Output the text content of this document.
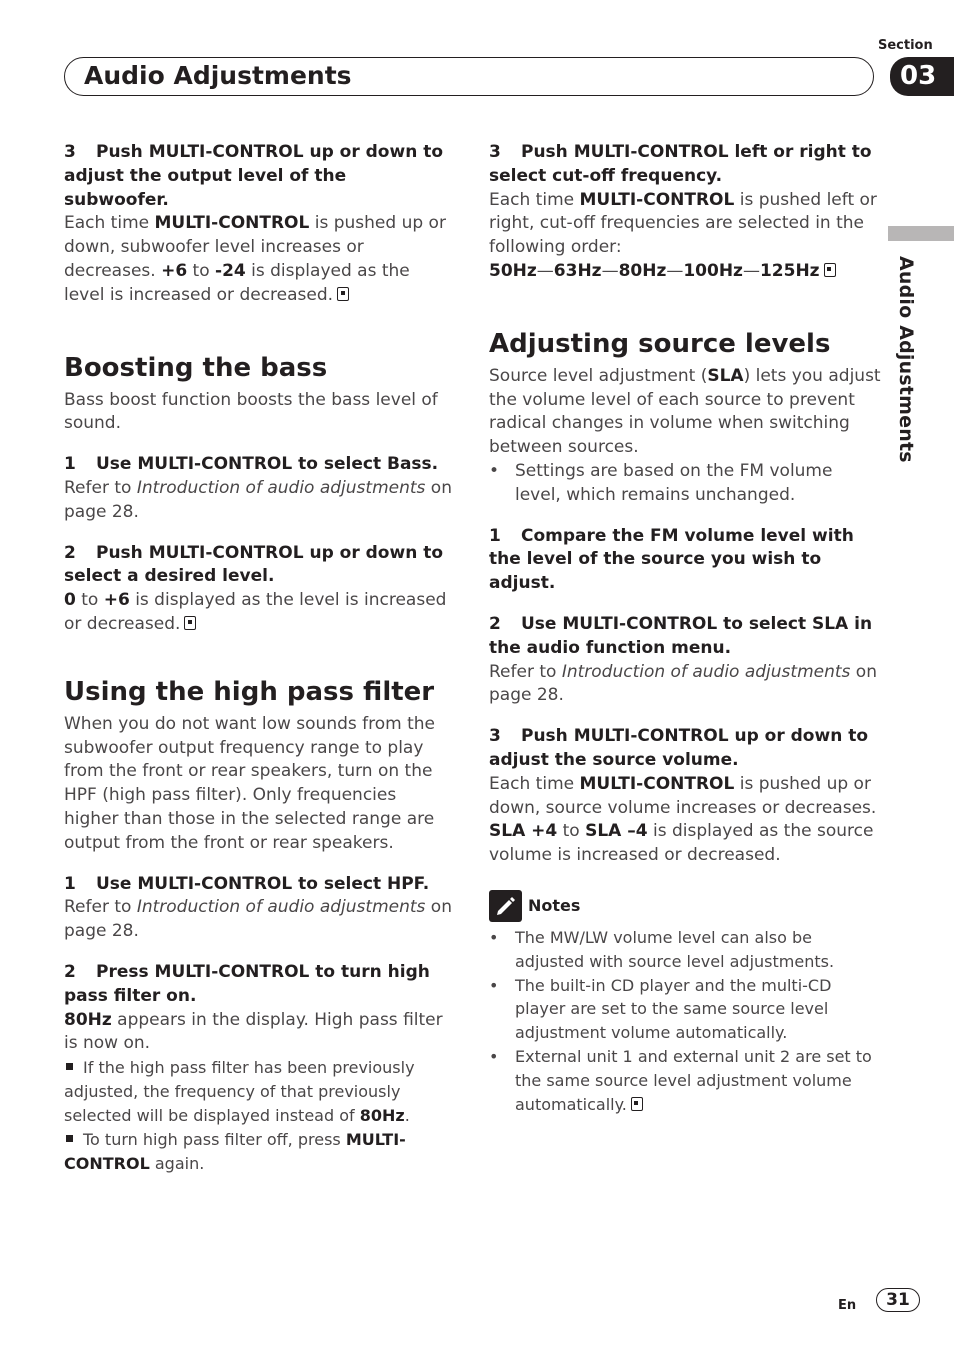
Section
03
Audio Adjustments
Audio Adjustments

3 Push MULTI-CONTROL up or down to adjust the output level of the subwoofer.

Each time MULTI-CONTROL is pushed up or down, subwoofer level increases or decreases. +6 to -24 is displayed as the level is increased or decreased.

Boosting the bass

Bass boost function boosts the bass level of sound.

1 Use MULTI-CONTROL to select Bass.

Refer to Introduction of audio adjustments on page 28.

2 Push MULTI-CONTROL up or down to select a desired level.

0 to +6 is displayed as the level is increased or decreased.

Using the high pass filter

When you do not want low sounds from the subwoofer output frequency range to play from the front or rear speakers, turn on the HPF (high pass filter). Only frequencies higher than those in the selected range are output from the front or rear speakers.

1 Use MULTI-CONTROL to select HPF.

Refer to Introduction of audio adjustments on page 28.

2 Press MULTI-CONTROL to turn high pass filter on.

80Hz appears in the display. High pass filter is now on.

If the high pass filter has been previously adjusted, the frequency of that previously selected will be displayed instead of 80Hz.

To turn high pass filter off, press MULTI-CONTROL again.

3 Push MULTI-CONTROL left or right to select cut-off frequency.

Each time MULTI-CONTROL is pushed left or right, cut-off frequencies are selected in the following order:

50Hz—63Hz—80Hz—100Hz—125Hz

Adjusting source levels

Source level adjustment (SLA) lets you adjust the volume level of each source to prevent radical changes in volume when switching between sources.

• Settings are based on the FM volume level, which remains unchanged.

1 Compare the FM volume level with the level of the source you wish to adjust.

2 Use MULTI-CONTROL to select SLA in the audio function menu.

Refer to Introduction of audio adjustments on page 28.

3 Push MULTI-CONTROL up or down to adjust the source volume.

Each time MULTI-CONTROL is pushed up or down, source volume increases or decreases. SLA +4 to SLA –4 is displayed as the source volume is increased or decreased.

Notes

• The MW/LW volume level can also be adjusted with source level adjustments.

• The built-in CD player and the multi-CD player are set to the same source level adjustment volume automatically.

• External unit 1 and external unit 2 are set to the same source level adjustment volume automatically.

En	31
